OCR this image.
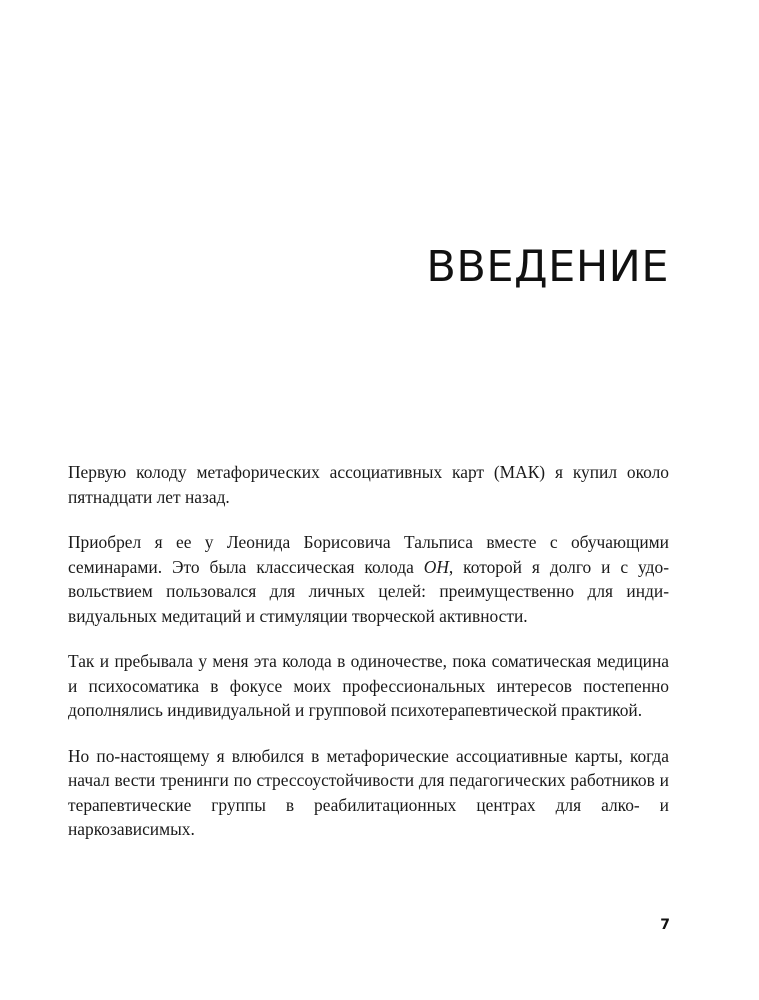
ВВЕДЕНИЕ

Первую колоду метафорических ассоциативных карт (МАК) я купил около пятнадцати лет назад.

Приобрел я ее у Леонида Борисовича Тальписа вместе с обучающими семинарами. Это была классическая колода ОН, которой я долго и с удовольствием пользовался для личных целей: преимущественно для индивидуальных медитаций и стимуляции творческой активности.

Так и пребывала у меня эта колода в одиночестве, пока соматическая медицина и психосоматика в фокусе моих профессиональных интересов постепенно дополнялись индивидуальной и групповой психотерапевтической практикой.

Но по-настоящему я влюбился в метафорические ассоциативные карты, когда начал вести тренинги по стрессоустойчивости для педагогических работников и терапевтические группы в реабилитационных центрах для алко- и наркозависимых.

7
